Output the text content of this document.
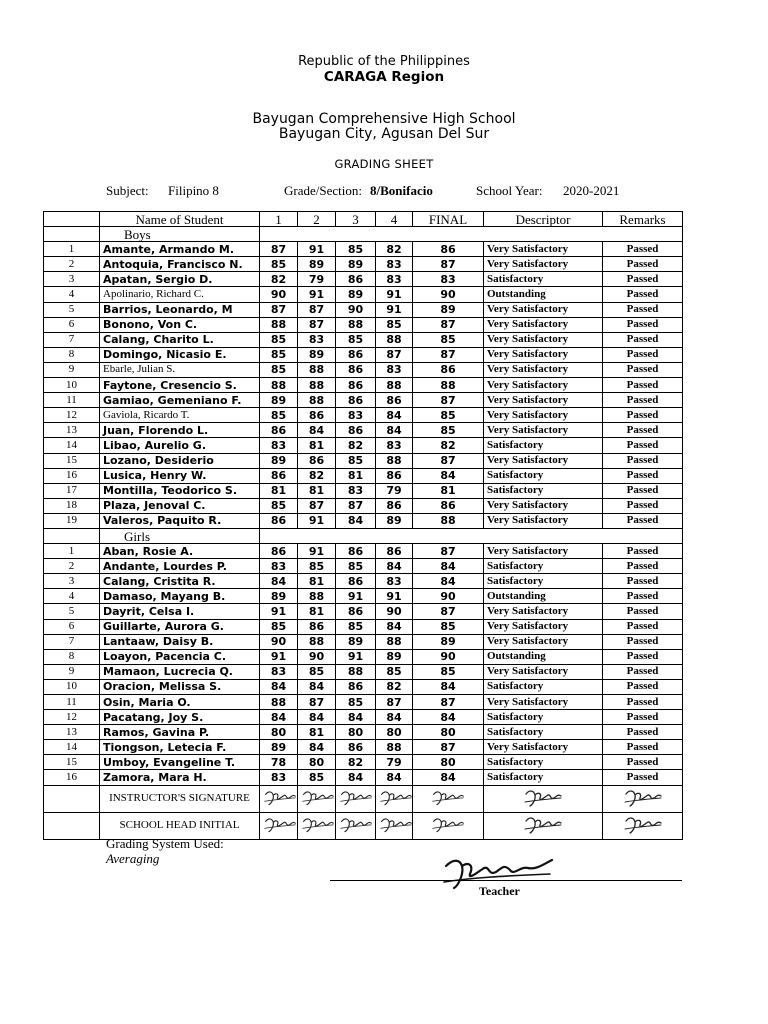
Republic of the Philippines
CARAGA Region
Bayugan Comprehensive High School
Bayugan City, Agusan Del Sur
GRADING SHEET
Subject: Filipino 8	Grade/Section: 8/Bonifacio	School Year: 2020-2021
	Name of Student	1	2	3	4	FINAL	Descriptor	Remarks
	Boys							
1	Amante, Armando M.	87	91	85	82	86	Very Satisfactory	Passed
2	Antoquia, Francisco N.	85	89	89	83	87	Very Satisfactory	Passed
3	Apatan, Sergio D.	82	79	86	83	83	Satisfactory	Passed
4	Apolinario, Richard C.	90	91	89	91	90	Outstanding	Passed
5	Barrios, Leonardo, M	87	87	90	91	89	Very Satisfactory	Passed
6	Bonono, Von C.	88	87	88	85	87	Very Satisfactory	Passed
7	Calang, Charito L.	85	83	85	88	85	Very Satisfactory	Passed
8	Domingo, Nicasio E.	85	89	86	87	87	Very Satisfactory	Passed
9	Ebarle, Julian S.	85	88	86	83	86	Very Satisfactory	Passed
10	Faytone, Cresencio S.	88	88	86	88	88	Very Satisfactory	Passed
11	Gamiao, Gemeniano F.	89	88	86	86	87	Very Satisfactory	Passed
12	Gaviola, Ricardo T.	85	86	83	84	85	Very Satisfactory	Passed
13	Juan, Florendo L.	86	84	86	84	85	Very Satisfactory	Passed
14	Libao, Aurelio G.	83	81	82	83	82	Satisfactory	Passed
15	Lozano, Desiderio	89	86	85	88	87	Very Satisfactory	Passed
16	Lusica, Henry W.	86	82	81	86	84	Satisfactory	Passed
17	Montilla, Teodorico S.	81	81	83	79	81	Satisfactory	Passed
18	Plaza, Jenoval C.	85	87	87	86	86	Very Satisfactory	Passed
19	Valeros, Paquito R.	86	91	84	89	88	Very Satisfactory	Passed
	Girls							
1	Aban, Rosie A.	86	91	86	86	87	Very Satisfactory	Passed
2	Andante, Lourdes P.	83	85	85	84	84	Satisfactory	Passed
3	Calang, Cristita R.	84	81	86	83	84	Satisfactory	Passed
4	Damaso, Mayang B.	89	88	91	91	90	Outstanding	Passed
5	Dayrit, Celsa I.	91	81	86	90	87	Very Satisfactory	Passed
6	Guillarte, Aurora G.	85	86	85	84	85	Very Satisfactory	Passed
7	Lantaaw, Daisy B.	90	88	89	88	89	Very Satisfactory	Passed
8	Loayon, Pacencia C.	91	90	91	89	90	Outstanding	Passed
9	Mamaon, Lucrecia Q.	83	85	88	85	85	Very Satisfactory	Passed
10	Oracion, Melissa S.	84	84	86	82	84	Satisfactory	Passed
11	Osin, Maria O.	88	87	85	87	87	Very Satisfactory	Passed
12	Pacatang, Joy S.	84	84	84	84	84	Satisfactory	Passed
13	Ramos, Gavina P.	80	81	80	80	80	Satisfactory	Passed
14	Tiongson, Letecia F.	89	84	86	88	87	Very Satisfactory	Passed
15	Umboy, Evangeline T.	78	80	82	79	80	Satisfactory	Passed
16	Zamora, Mara H.	83	85	84	84	84	Satisfactory	Passed
	INSTRUCTOR'S SIGNATURE							
	SCHOOL HEAD INITIAL							
Grading System Used:
Averaging
Teacher
